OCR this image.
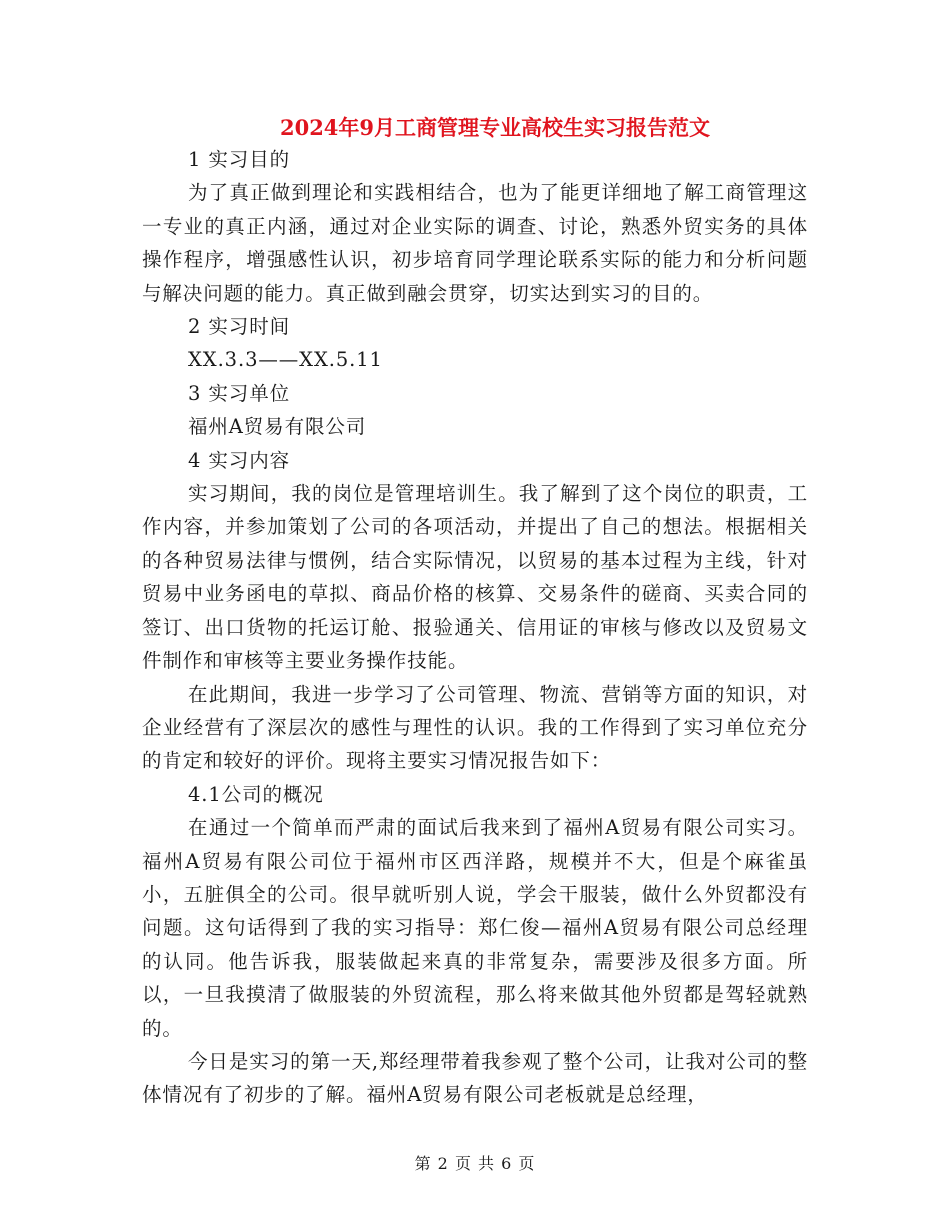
2024年9月工商管理专业高校生实习报告范文

1 实习目的

为了真正做到理论和实践相结合，也为了能更详细地了解工商管理这一专业的真正内涵，通过对企业实际的调查、讨论，熟悉外贸实务的具体操作程序，增强感性认识，初步培育同学理论联系实际的能力和分析问题与解决问题的能力。真正做到融会贯穿，切实达到实习的目的。

2 实习时间

XX.3.3——XX.5.11

3 实习单位

福州A贸易有限公司

4 实习内容

实习期间，我的岗位是管理培训生。我了解到了这个岗位的职责，工作内容，并参加策划了公司的各项活动，并提出了自己的想法。根据相关的各种贸易法律与惯例，结合实际情况，以贸易的基本过程为主线，针对贸易中业务函电的草拟、商品价格的核算、交易条件的磋商、买卖合同的签订、出口货物的托运订舱、报验通关、信用证的审核与修改以及贸易文件制作和审核等主要业务操作技能。

在此期间，我进一步学习了公司管理、物流、营销等方面的知识，对企业经营有了深层次的感性与理性的认识。我的工作得到了实习单位充分的肯定和较好的评价。现将主要实习情况报告如下：

4.1公司的概况

在通过一个简单而严肃的面试后我来到了福州A贸易有限公司实习。福州A贸易有限公司位于福州市区西洋路，规模并不大，但是个麻雀虽小，五脏俱全的公司。很早就听别人说，学会干服装，做什么外贸都没有问题。这句话得到了我的实习指导：郑仁俊—福州A贸易有限公司总经理的认同。他告诉我，服装做起来真的非常复杂，需要涉及很多方面。所以，一旦我摸清了做服装的外贸流程，那么将来做其他外贸都是驾轻就熟的。

今日是实习的第一天,郑经理带着我参观了整个公司，让我对公司的整体情况有了初步的了解。福州A贸易有限公司老板就是总经理，

第 2 页 共 6 页
